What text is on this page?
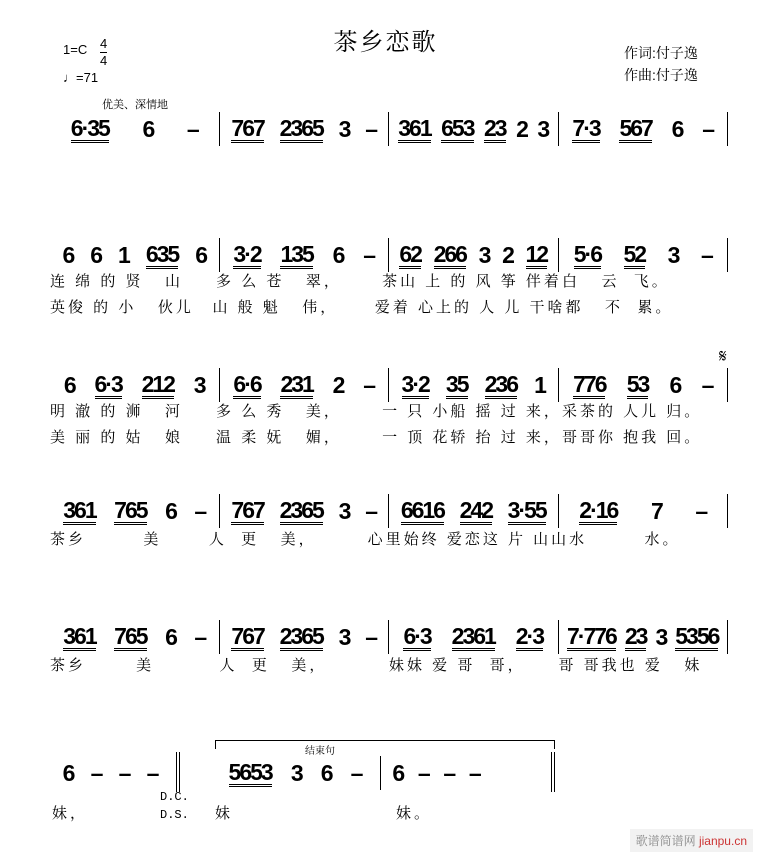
茶乡恋歌
$1=C \frac{4}{4}$
♩=71
作词:付子逸
作曲:付子逸
优美、深情地
6·35 6 – 767 2365 3 – 361 653 23 2 3 7·3 567 6 –
6 6 1 635 6 3·2 135 6 – 62 266 3 2 12 5·6 52 3 –
连 绵 的 贤   山	多 么 苍   翠，	茶山 上 的 风 筝 伴着 白   云  飞。
英俊 的 小   伙儿	山 般 魁   伟，	爱着 心上的 人 儿 干啥 都   不  累。
6 6·3 212 3 6·6 231 2 – 3·2 35 236 1 776 53 6 –
明 澈 的 浉   河	多 么 秀   美，	一 只 小船 摇 过 来， 采茶的 人儿 归。
美 丽 的 姑   娘	温 柔 妩   媚，	一 顶 花轿 抬 过 来， 哥哥你 抱我 回。
361 765 6 – 767 2365 3 – 6616 242 3·55 2·16 7 –
茶乡        美	人  更   美，	心里始终 爱恋这 片 山山 水        水。
361 765 6 – 767 2365 3 – 6·3 2361 2·3 7·776 23 3 5356
茶乡       美	人  更   美，	妹妹 爱 哥  哥，	哥 哥我也 爱   妹
𝄋
6 – – –
D.C.
D.S.
结束句
5653 3 6 – 6 – – –
妹，	妹	妹。
歌谱简谱网 jianpu.cn
